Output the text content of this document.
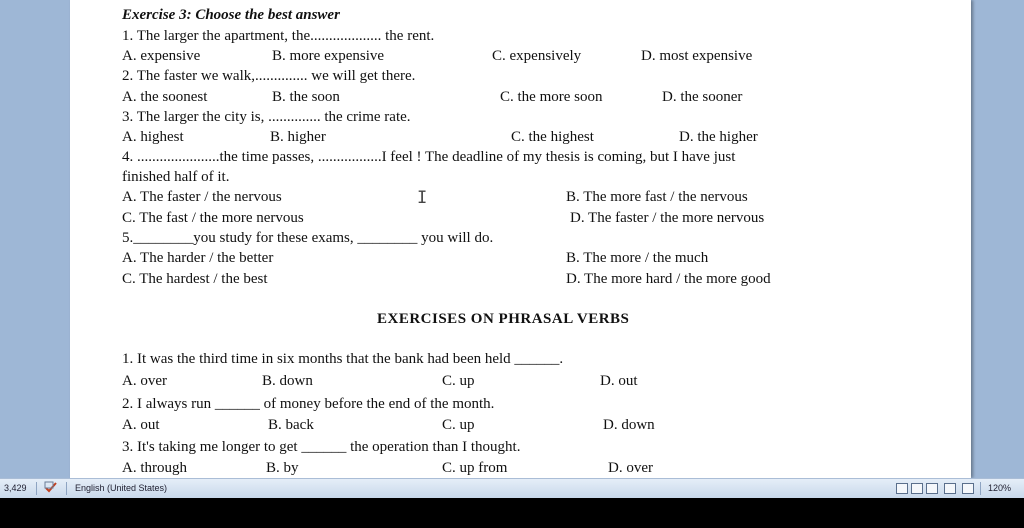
Exercise 3: Choose the best answer
1. The larger the apartment, the................... the rent.
A. expensive	B. more expensive	C. expensively	D. most expensive
2. The faster we walk,.............. we will get there.
A. the soonest	B. the soon	C. the more soon	D. the sooner
3. The larger the city is, .............. the crime rate.
A. highest	B. higher	C. the highest	D. the higher
4. ......................the time passes, .................I feel ! The deadline of my thesis is coming, but I have just
finished half of it.
A. The faster / the nervous	B. The more fast / the nervous
C. The fast / the more nervous	D. The faster / the more nervous
I
5.________you study for these exams, ________ you will do.
A. The harder / the better	B. The more / the much
C. The hardest / the best	D. The more hard / the more good
EXERCISES ON PHRASAL VERBS
1. It was the third time in six months that the bank had been held ______.
A. over	B. down	C. up	D. out
2. I always run ______ of money before the end of the month.
A. out	B. back	C. up	D. down
3. It's taking me longer to get ______ the operation than I thought.
A. through	B. by	C. up from	D. over
3,429	English (United States)	120%
